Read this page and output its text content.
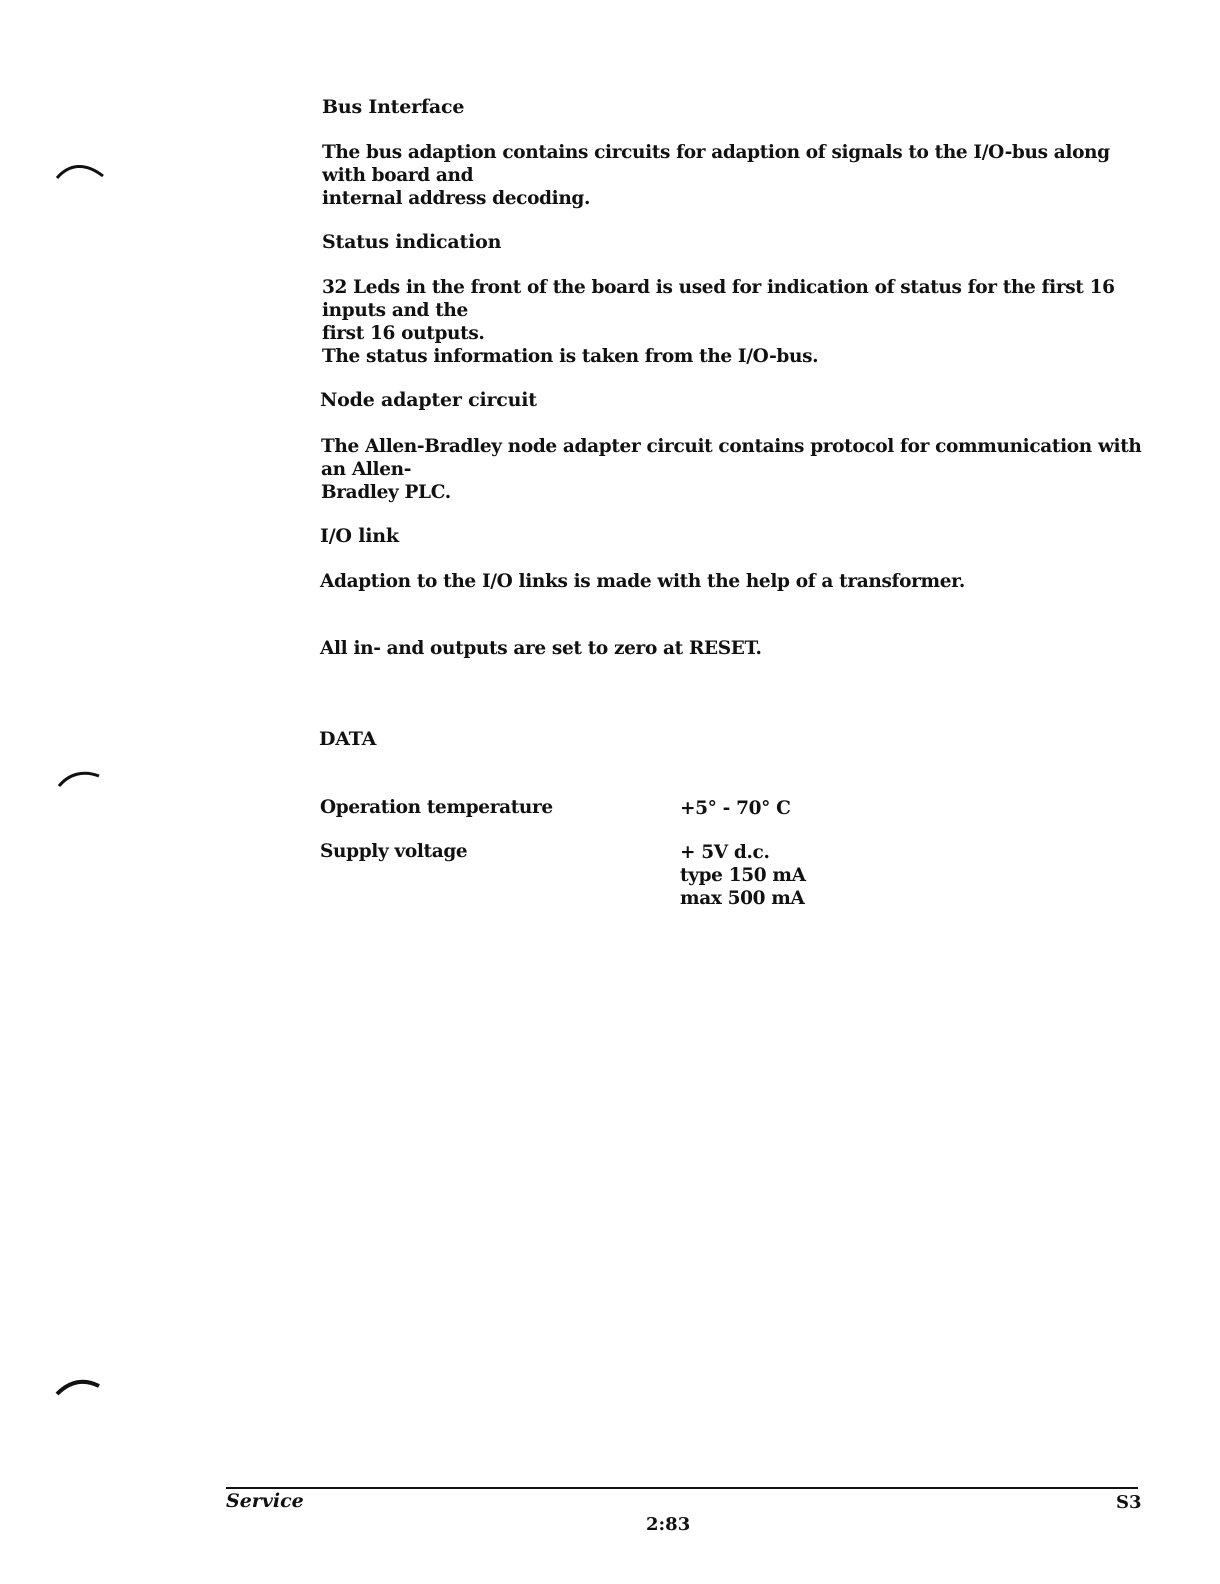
Bus Interface
The bus adaption contains circuits for adaption of signals to the I/O-bus along with board and
internal address decoding.
Status indication
32 Leds in the front of the board is used for indication of status for the first 16 inputs and the
first 16 outputs.
The status information is taken from the I/O-bus.
Node adapter circuit
The Allen-Bradley node adapter circuit contains protocol for communication with an Allen-
Bradley PLC.
I/O link
Adaption to the I/O links is made with the help of a transformer.
All in- and outputs are set to zero at RESET.
DATA
Operation temperature	+5° - 70° C
Supply voltage	+ 5V d.c.
type 150 mA
max 500 mA
Service
2:83
S3
